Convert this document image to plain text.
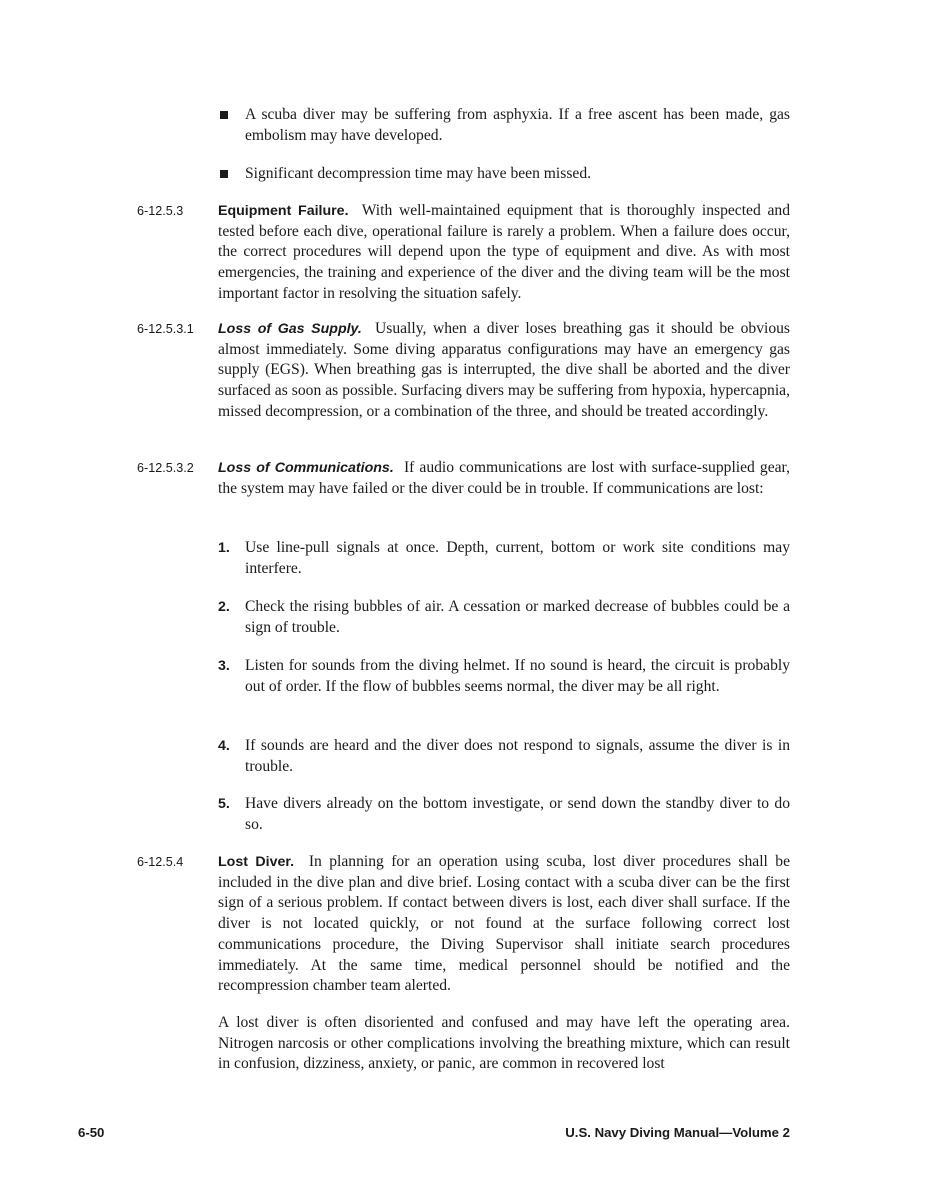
A scuba diver may be suffering from asphyxia. If a free ascent has been made, gas embolism may have developed.
Significant decompression time may have been missed.
6-12.5.3 Equipment Failure. With well-maintained equipment that is thoroughly inspected and tested before each dive, operational failure is rarely a problem. When a failure does occur, the correct procedures will depend upon the type of equipment and dive. As with most emergencies, the training and experience of the diver and the diving team will be the most important factor in resolving the situation safely.
6-12.5.3.1 Loss of Gas Supply. Usually, when a diver loses breathing gas it should be obvious almost immediately. Some diving apparatus configurations may have an emergency gas supply (EGS). When breathing gas is interrupted, the dive shall be aborted and the diver surfaced as soon as possible. Surfacing divers may be suffering from hypoxia, hypercapnia, missed decompression, or a combination of the three, and should be treated accordingly.
6-12.5.3.2 Loss of Communications. If audio communications are lost with surface-supplied gear, the system may have failed or the diver could be in trouble. If communications are lost:
1. Use line-pull signals at once. Depth, current, bottom or work site conditions may interfere.
2. Check the rising bubbles of air. A cessation or marked decrease of bubbles could be a sign of trouble.
3. Listen for sounds from the diving helmet. If no sound is heard, the circuit is probably out of order. If the flow of bubbles seems normal, the diver may be all right.
4. If sounds are heard and the diver does not respond to signals, assume the diver is in trouble.
5. Have divers already on the bottom investigate, or send down the standby diver to do so.
6-12.5.4 Lost Diver. In planning for an operation using scuba, lost diver procedures shall be included in the dive plan and dive brief. Losing contact with a scuba diver can be the first sign of a serious problem. If contact between divers is lost, each diver shall surface. If the diver is not located quickly, or not found at the surface following correct lost communications procedure, the Diving Supervisor shall initiate search procedures immediately. At the same time, medical personnel should be notified and the recompression chamber team alerted.
A lost diver is often disoriented and confused and may have left the operating area. Nitrogen narcosis or other complications involving the breathing mixture, which can result in confusion, dizziness, anxiety, or panic, are common in recovered lost
6-50	U.S. Navy Diving Manual—Volume 2
